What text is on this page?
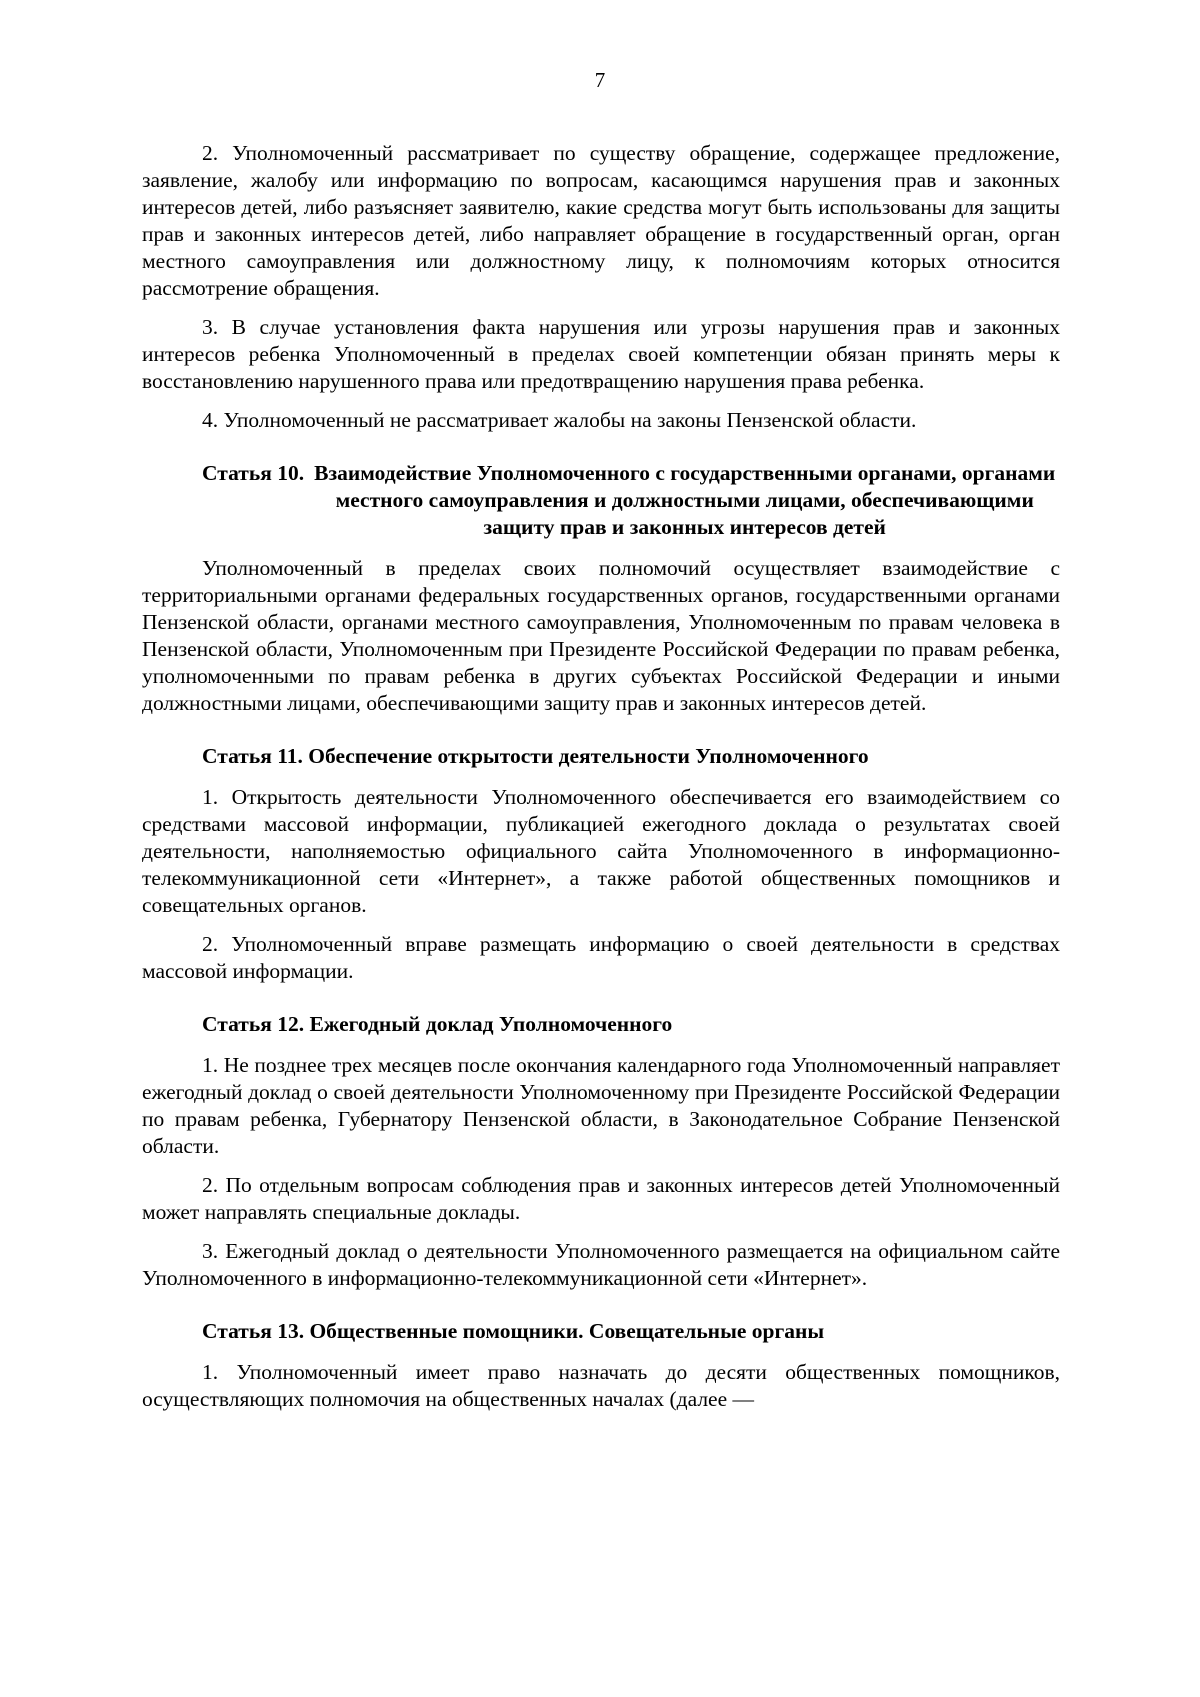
7

2. Уполномоченный рассматривает по существу обращение, содержащее предложение, заявление, жалобу или информацию по вопросам, касающимся нарушения прав и законных интересов детей, либо разъясняет заявителю, какие средства могут быть использованы для защиты прав и законных интересов детей, либо направляет обращение в государственный орган, орган местного самоуправления или должностному лицу, к полномочиям которых относится рассмотрение обращения.

3. В случае установления факта нарушения или угрозы нарушения прав и законных интересов ребенка Уполномоченный в пределах своей компетенции обязан принять меры к восстановлению нарушенного права или предотвращению нарушения права ребенка.

4. Уполномоченный не рассматривает жалобы на законы Пензенской области.

Статья 10.
Взаимодействие Уполномоченного с государственными органами, органами местного самоуправления и должностными лицами, обеспечивающими защиту прав и законных интересов детей

Уполномоченный в пределах своих полномочий осуществляет взаимодействие с территориальными органами федеральных государственных органов, государственными органами Пензенской области, органами местного самоуправления, Уполномоченным по правам человека в Пензенской области, Уполномоченным при Президенте Российской Федерации по правам ребенка, уполномоченными по правам ребенка в других субъектах Российской Федерации и иными должностными лицами, обеспечивающими защиту прав и законных интересов детей.

Статья 11. Обеспечение открытости деятельности Уполномоченного

1. Открытость деятельности Уполномоченного обеспечивается его взаимодействием со средствами массовой информации, публикацией ежегодного доклада о результатах своей деятельности, наполняемостью официального сайта Уполномоченного в информационно-телекоммуникационной сети «Интернет», а также работой общественных помощников и совещательных органов.

2. Уполномоченный вправе размещать информацию о своей деятельности в средствах массовой информации.

Статья 12. Ежегодный доклад Уполномоченного

1. Не позднее трех месяцев после окончания календарного года Уполномоченный направляет ежегодный доклад о своей деятельности Уполномоченному при Президенте Российской Федерации по правам ребенка, Губернатору Пензенской области, в Законодательное Собрание Пензенской области.

2. По отдельным вопросам соблюдения прав и законных интересов детей Уполномоченный может направлять специальные доклады.

3. Ежегодный доклад о деятельности Уполномоченного размещается на официальном сайте Уполномоченного в информационно-телекоммуникационной сети «Интернет».

Статья 13. Общественные помощники. Совещательные органы

1. Уполномоченный имеет право назначать до десяти общественных помощников, осуществляющих полномочия на общественных началах (далее —
